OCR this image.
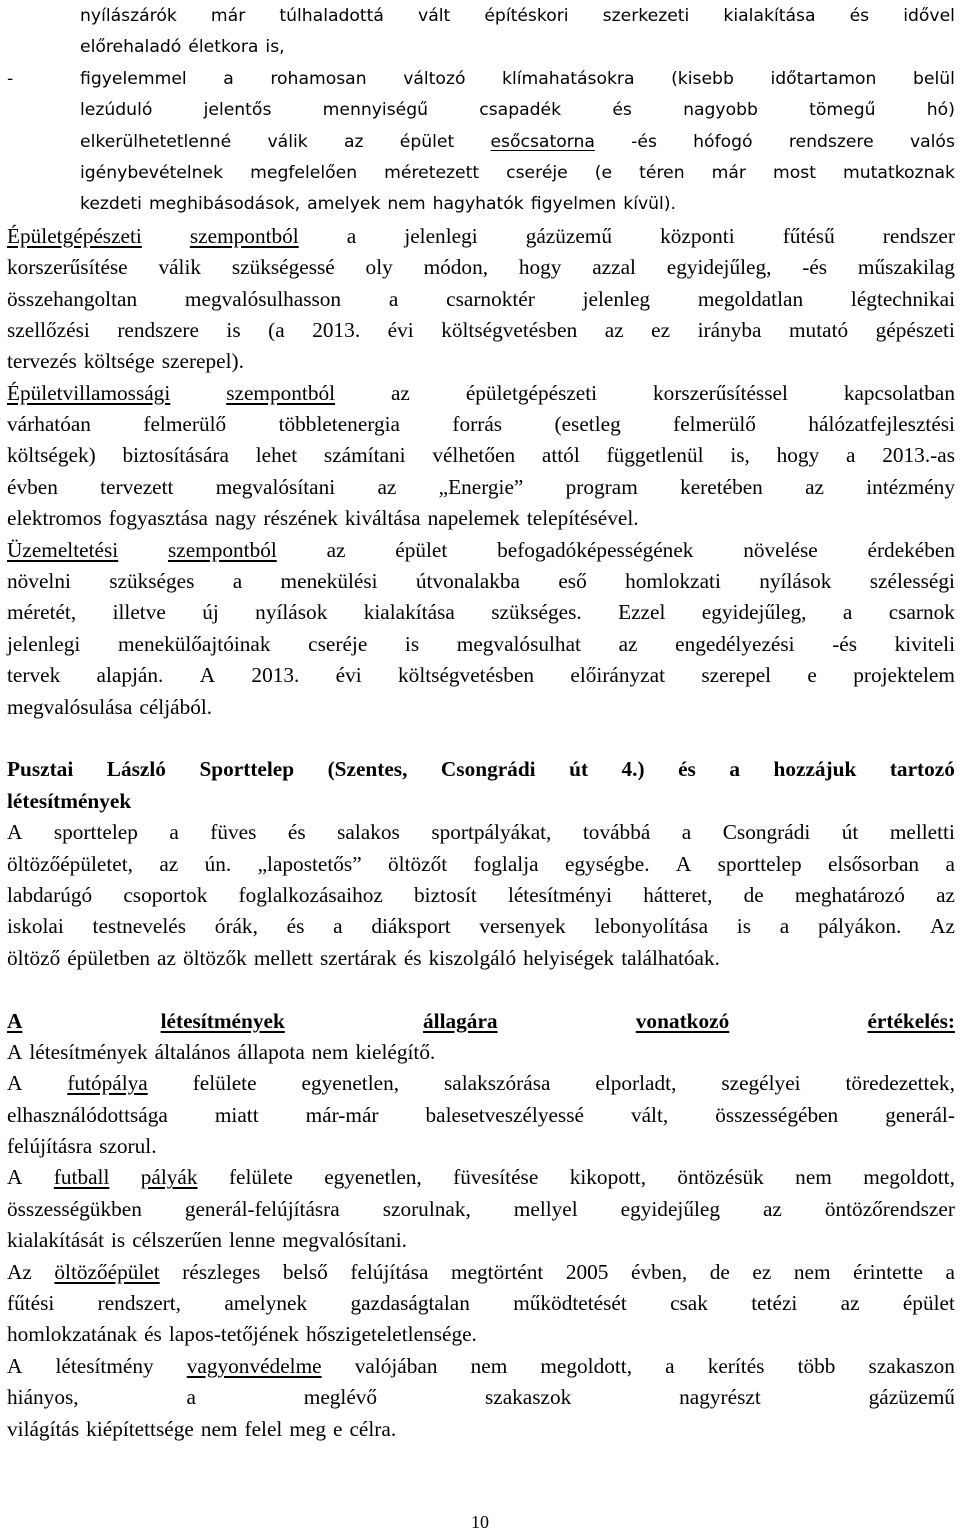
nyílászárók már túlhaladottá vált építéskori szerkezeti kialakítása és idővel
előrehaladó életkora is,
-	figyelemmel a rohamosan változó klímahatásokra (kisebb időtartamon belül
lezúduló	jelentős	mennyiségű	csapadék	és	nagyobb	tömegű	hó)
elkerülhetetlenné válik az épület esőcsatorna -és hófogó rendszere valós
igénybevételnek megfelelően méretezett cseréje (e téren már most mutatkoznak
kezdeti meghibásodások, amelyek nem hagyhatók figyelmen kívül).
Épületgépészeti szempontból a jelenlegi gázüzemű központi fűtésű rendszer
korszerűsítése válik szükségessé oly módon, hogy azzal egyidejűleg, -és műszakilag
összehangoltan megvalósulhasson a csarnoktér jelenleg megoldatlan légtechnikai
szellőzési rendszere is (a 2013. évi költségvetésben az ez irányba mutató gépészeti
tervezés költsége szerepel).
Épületvillamossági	szempontból	az	épületgépészeti	korszerűsítéssel	kapcsolatban
várhatóan felmerülő többletenergia forrás (esetleg felmerülő hálózatfejlesztési
költségek) biztosítására lehet számítani vélhetően attól függetlenül is, hogy a 2013.-as
évben tervezett megvalósítani az „Energie” program keretében az intézmény
elektromos fogyasztása nagy részének kiváltása napelemek telepítésével.
Üzemeltetési szempontból az épület befogadóképességének növelése érdekében
növelni szükséges a menekülési útvonalakba eső homlokzati nyílások szélességi
méretét, illetve új nyílások kialakítása szükséges. Ezzel egyidejűleg, a csarnok
jelenlegi menekülőajtóinak cseréje is megvalósulhat az engedélyezési -és kiviteli
tervek alapján. A 2013. évi költségvetésben előirányzat szerepel e projektelem
megvalósulása céljából.
Pusztai László Sporttelep (Szentes, Csongrádi út 4.) és a hozzájuk tartozó
létesítmények
A sporttelep a füves és salakos sportpályákat, továbbá a Csongrádi út melletti
öltözőépületet, az ún. „lapostetős” öltözőt foglalja egységbe. A sporttelep elsősorban a
labdarúgó csoportok foglalkozásaihoz biztosít létesítményi hátteret, de meghatározó az
iskolai testnevelés órák, és a diáksport versenyek lebonyolítása is a pályákon. Az
öltöző épületben az öltözők mellett szertárak és kiszolgáló helyiségek találhatóak.
A	létesítmények	állagára	vonatkozó	értékelés:
A létesítmények általános állapota nem kielégítő.
A futópálya felülete egyenetlen, salakszórása elporladt, szegélyei töredezettek,
elhasználódottsága miatt már-már balesetveszélyessé vált, összességében generál-
felújításra szorul.
A futball pályák felülete egyenetlen, füvesítése kikopott, öntözésük nem megoldott,
összességükben generál-felújításra szorulnak, mellyel egyidejűleg az öntözőrendszer
kialakítását is célszerűen lenne megvalósítani.
Az öltözőépület részleges belső felújítása megtörtént 2005 évben, de ez nem érintette a
fűtési rendszert, amelynek gazdaságtalan működtetését csak tetézi az épület
homlokzatának és lapos-tetőjének hőszigeteletlensége.
A létesítmény vagyonvédelme valójában nem megoldott, a kerítés több szakaszon
hiányos,	a	meglévő	szakaszok	nagyrészt	gázüzemű
világítás kiépítettsége nem felel meg e célra.
10
